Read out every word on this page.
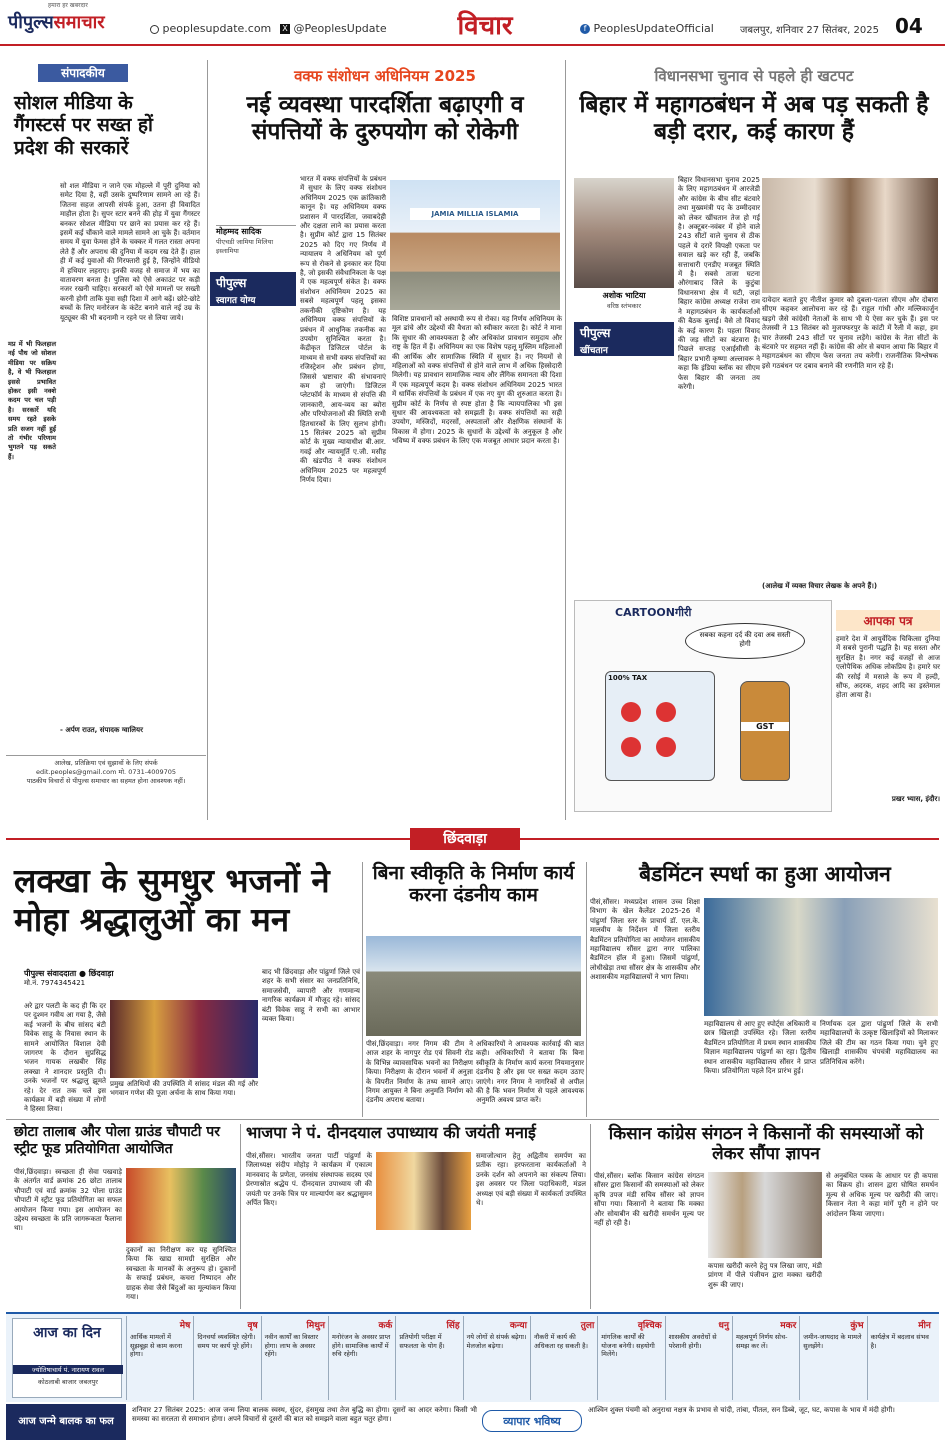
पीपुल्ससमाचार
हमारा हर खबरदार
peoplesupdate.com	X @PeoplesUpdate	विचार	f PeoplesUpdateOfficial	जबलपुर, शनिवार 27 सितंबर, 2025 04
संपादकीय
सोशल मीडिया के गैंगस्टर्स पर सख्त हों प्रदेश की सरकारें
सो शल मीडिया न जाने एक मोहल्ले में पूरी दुनिया को समेट दिया है, वहीं उसके दुष्परिणाम सामने आ रहे हैं। जितना सहज आपसी संपर्क हुआ, उतना ही विवादित माहौल होता है। सुपर स्टार बनने की होड़ में युवा गैंगस्टर बनकर सोशल मीडिया पर छाने का प्रयास कर रहे हैं। इसमें कई चौंकाने वाले मामले सामने आ चुके हैं। वर्तमान समय में युवा फेमस होने के चक्कर में गलत रास्ता अपना लेते हैं और अपराध की दुनिया में कदम रख देते हैं। हाल ही में कई युवाओं की गिरफ्तारी हुई है, जिन्होंने वीडियो में हथियार लहराए। इनकी वजह से समाज में भय का वातावरण बनता है। पुलिस को ऐसे अकाउंट पर कड़ी नजर रखनी चाहिए। सरकारों को ऐसे मामलों पर सख्ती करनी होगी ताकि युवा सही दिशा में आगे बढ़ें। छोटे-छोटे बच्चों के लिए मनोरंजन के कंटेंट बनाने वाले नई उम्र के यूट्यूबर की भी बदनामी न रहने पर से लिया जाये।
मप्र में भी फिलहाल नई पौध जो सोशल मीडिया पर सक्रिय है, वे भी फिलहाल इससे प्रभावित होकर इसी नक्शे कदम पर चल पड़ी है। सरकारें यदि समय रहते इसके प्रति सजग नहीं हुईं तो गंभीर परिणाम भुगतने पड़ सकते हैं।
- अर्पण राउत, संपादक ग्वालियर
आलेख, प्रतिक्रिया एवं सुझावों के लिए संपर्क
edit.peoples@gmail.com मो. 0731-4009705
पाठकीय विचारों से पीपुल्स समाचार का सहमत होना आवश्यक नहीं।
वक्फ संशोधन अधिनियम 2025
नई व्यवस्था पारदर्शिता बढ़ाएगी व संपत्तियों के दुरुपयोग को रोकेगी
मोहम्मद सादिक
पीएचडी जामिया मिलिया इस्लामिया
पीपुल्स
स्वागत योग्य
JAMIA MILLIA ISLAMIA
भारत में वक्फ संपत्तियों के प्रबंधन में सुधार के लिए वक्फ संशोधन अधिनियम 2025 एक क्रांतिकारी कानून है। यह अधिनियम वक्फ प्रशासन में पारदर्शिता, जवाबदेही और दक्षता लाने का प्रयास करता है। सुप्रीम कोर्ट द्वारा 15 सितंबर 2025 को दिए गए निर्णय में न्यायालय ने अधिनियम को पूर्ण रूप से रोकने से इनकार कर दिया है, जो इसकी संवैधानिकता के पक्ष में एक महत्वपूर्ण संकेत है। वक्फ संशोधन अधिनियम 2025 का सबसे महत्वपूर्ण पहलू इसका तकनीकी दृष्टिकोण है। यह अधिनियम वक्फ संपत्तियों के प्रबंधन में आधुनिक तकनीक का उपयोग सुनिश्चित करता है। केंद्रीकृत डिजिटल पोर्टल के माध्यम से सभी वक्फ संपत्तियों का रजिस्ट्रेशन और प्रबंधन होगा, जिससे भ्रष्टाचार की संभावनाएं कम हो जाएंगी। डिजिटल प्लेटफॉर्म के माध्यम से संपत्ति की जानकारी, आय-व्यय का ब्योरा और परियोजनाओं की स्थिति सभी हितधारकों के लिए सुलभ होगी। 15 सितंबर 2025 को सुप्रीम कोर्ट के मुख्य न्यायाधीश बी.आर. गवई और न्यायमूर्ति ए.जी. मसीह की खंडपीठ ने वक्फ संशोधन अधिनियम 2025 पर महत्वपूर्ण निर्णय दिया।
विशिष्ट प्रावधानों को अस्थायी रूप से रोका। यह निर्णय अधिनियम के मूल ढांचे और उद्देश्यों की वैधता को स्वीकार करता है। कोर्ट ने माना कि सुधार की आवश्यकता है और अधिकांश प्रावधान समुदाय और राष्ट्र के हित में हैं। अधिनियम का एक विशेष पहलू मुस्लिम महिलाओं की आर्थिक और सामाजिक स्थिति में सुधार है। नए नियमों से महिलाओं को वक्फ संपत्तियों से होने वाले लाभ में अधिक हिस्सेदारी मिलेगी। यह प्रावधान सामाजिक न्याय और लैंगिक समानता की दिशा में एक महत्वपूर्ण कदम है। वक्फ संशोधन अधिनियम 2025 भारत में धार्मिक संपत्तियों के प्रबंधन में एक नए युग की शुरुआत करता है। सुप्रीम कोर्ट के निर्णय से स्पष्ट होता है कि न्यायपालिका भी इस सुधार की आवश्यकता को समझती है। वक्फ संपत्तियों का सही उपयोग, मस्जिदों, मदरसों, अस्पतालों और शैक्षणिक संस्थानों के विकास में होगा। 2025 के सुधारों के उद्देश्यों के अनुकूल है और भविष्य में वक्फ प्रबंधन के लिए एक मजबूत आधार प्रदान करता है।
विधानसभा चुनाव से पहले ही खटपट
बिहार में महागठबंधन में अब पड़ सकती है बड़ी दरार, कई कारण हैं
अशोक भाटिया
वरिष्ठ स्तंभकार
पीपुल्स
खींचतान
बिहार विधानसभा चुनाव 2025 के लिए महागठबंधन में आरजेडी और कांग्रेस के बीच सीट बंटवारे तथा मुख्यमंत्री पद के उम्मीदवार को लेकर खींचतान तेज हो गई है। अक्टूबर-नवंबर में होने वाले 243 सीटों वाले चुनाव से ठीक पहले ये दरारें विपक्षी एकता पर सवाल खड़े कर रही हैं, जबकि सत्ताधारी एनडीए मजबूत स्थिति में है। सबसे ताजा घटना औरंगाबाद जिले के कुटुंबा विधानसभा क्षेत्र में घटी, जहां बिहार कांग्रेस अध्यक्ष राजेश राम ने महागठबंधन के कार्यकर्ताओं की बैठक बुलाई। वैसे तो विवाद के कई कारण हैं। पहला विवाद की जड़ सीटों का बंटवारा है। पिछले सप्ताह एआईसीसी के बिहार प्रभारी कृष्णा अल्लावरू ने कहा कि इंडिया ब्लॉक का सीएम फेस बिहार की जनता तय करेगी।
दावेदार बताते हुए नीतीश कुमार को दुबला-पतला सीएम और दोबारा सीएम कहकर आलोचना कर रहे हैं। राहुल गांधी और मल्लिकार्जुन खड़गे जैसे कांग्रेसी नेताओं के साथ भी ये ऐसा कर चुके हैं। इस पर तेजस्वी ने 13 सितंबर को मुजफ्फरपुर के कांटी में रैली में कहा, हम चार तेजस्वी 243 सीटों पर चुनाव लड़ेंगे। कांग्रेस के नेता सीटों के बंटवारे पर सहमत नहीं हैं। कांग्रेस की ओर से बयान आया कि बिहार में महागठबंधन का सीएम फेस जनता तय करेगी। राजनीतिक विश्लेषक इसे गठबंधन पर दबाव बनाने की रणनीति मान रहे हैं।
(आलेख में व्यक्त विचार लेखक के अपने हैं।)
CARTOONगीरी
सबका कहना दर्द की दवा अब सस्ती होगी
100% TAX
GST
आपका पत्र
हमारे देश में आयुर्वेदिक चिकित्सा दुनिया में सबसे पुरानी पद्धति है। यह सस्ता और सुरक्षित है। नगर कई वजहों से आज एलोपैथिक अधिक लोकप्रिय है। हमारे घर की रसोई में मसाले के रूप में हल्दी, सौंफ, अदरक, शहद आदि का इस्तेमाल होता आया है।
प्रखर भ्यास, इंदौर।
छिंदवाड़ा
लक्खा के सुमधुर भजनों ने मोहा श्रद्धालुओं का मन
पीपुल्स संवाददाता ● छिंदवाड़ा
मो.नं. 7974345421
प्रमुख अतिथियों की उपस्थिति में सांसद मंडल की गई और भगवान गणेश की पूजा अर्चना के साथ किया गया।
अरे द्वार पलटी के कद ही कि दर पर दुश्मन गवीय आ गया है, जैसे कई भजनों के बीच सांसद बंटी विवेक साहू के निवास स्थान के सामने आयोजित विशाल देवी जागरण के दौरान सुप्रसिद्ध भजन गायक लखबीर सिंह लक्खा ने शानदार प्रस्तुति दी। उनके भजनों पर श्रद्धालु झूमते रहे। देर रात तक चले इस कार्यक्रम में बड़ी संख्या में लोगों ने हिस्सा लिया।
बाद भी छिंदवाड़ा और पांढुर्णा जिले एवं शहर के सभी संसार का जनप्रतिनिधि, समाजसेवी, व्यापारी और गणमान्य नागरिक कार्यक्रम में मौजूद रहे। सांसद बंटी विवेक साहू ने सभी का आभार व्यक्त किया।
बिना स्वीकृति के निर्माण कार्य करना दंडनीय काम
पीसं,छिंदवाड़ा। नगर निगम की टीम ने आज शहर के नागपुर रोड एवं सिवनी रोड के विभिन्न व्यावसायिक भवनों का निरीक्षण किया। निरीक्षण के दौरान भवनों में अनुज्ञा के विपरीत निर्माण के तथ्य सामने आए। निगम आयुक्त ने बिना अनुमति निर्माण को दंडनीय अपराध बताया।
अधिकारियों ने आवश्यक कार्रवाई की बात कही। अधिकारियों ने बताया कि बिना स्वीकृति के निर्माण कार्य करना नियमानुसार दंडनीय है और इस पर सख्त कदम उठाए जाएंगे। नगर निगम ने नागरिकों से अपील की है कि भवन निर्माण से पहले आवश्यक अनुमति अवश्य प्राप्त करें।
बैडमिंटन स्पर्धा का हुआ आयोजन
पीसं,सौंसर। मध्यप्रदेश शासन उच्च शिक्षा विभाग के खेल कैलेंडर 2025-26 में पांढुर्णा जिला स्तर के प्राचार्य डॉ. एल.के. मालवीय के निर्देशन में जिला स्तरीय बैडमिंटन प्रतियोगिता का आयोजन शासकीय महाविद्यालय सौंसर द्वारा नगर पालिका बैडमिंटन हॉल में हुआ। जिसमें पांढुर्णा, लोधीखेड़ा तथा सौंसर क्षेत्र के शासकीय और अशासकीय महाविद्यालयों ने भाग लिया।
महाविद्यालय से आए हुए स्पोर्ट्स अधिकारी व छात्र खिलाड़ी उपस्थित रहे। जिला स्तरीय बैडमिंटन प्रतियोगिता में प्रथम स्थान शासकीय विज्ञान महाविद्यालय पांढुर्णा का रहा। द्वितीय स्थान शासकीय महाविद्यालय सौंसर ने प्राप्त किया। प्रतियोगिता पहले दिन प्रारंभ हुई।
निर्णायक दल द्वारा पांढुर्णा जिले के सभी महाविद्यालयों के उत्कृष्ट खिलाड़ियों को मिलाकर जिले की टीम का गठन किया गया। चुने हुए खिलाड़ी शासकीय चंपचंत्री महाविद्यालय का प्रतिनिधित्व करेंगे।
छोटा तालाब और पोला ग्राउंड चौपाटी पर स्ट्रीट फूड प्रतियोगिता आयोजित
पीसं,छिंदवाड़ा। स्वच्छता ही सेवा पखवाड़े के अंतर्गत वार्ड क्रमांक 26 छोटा तालाब चौपाटी एवं वार्ड क्रमांक 32 पोला ग्राउंड चौपाटी में स्ट्रीट फूड प्रतियोगिता का सफल आयोजन किया गया। इस आयोजन का उद्देश्य स्वच्छता के प्रति जागरूकता फैलाना था।
दुकानों का निरीक्षण कर यह सुनिश्चित किया कि खाद्य सामग्री सुरक्षित और स्वच्छता के मानकों के अनुरूप हो। दुकानों के सफाई प्रबंधन, कचरा निष्पादन और ग्राहक सेवा जैसे बिंदुओं का मूल्यांकन किया गया।
भाजपा ने पं. दीनदयाल उपाध्याय की जयंती मनाई
पीसं,सौंसर। भारतीय जनता पार्टी पांढुर्णा के जिलाध्यक्ष संदीप मोहोड़ ने कार्यक्रम में एकात्म मानववाद के प्रणेता, जनसंघ संस्थापक सदस्य एवं प्रेरणास्रोत श्रद्धेय पं. दीनदयाल उपाध्याय जी की जयंती पर उनके चित्र पर माल्यार्पण कर श्रद्धासुमन अर्पित किए।
समाजोत्थान हेतु अद्वितीय समर्पण का प्रतीक रहा। हरफरताना कार्यकर्ताओं ने उनके दर्शन को अपनाने का संकल्प लिया। इस अवसर पर जिला पदाधिकारी, मंडल अध्यक्ष एवं बड़ी संख्या में कार्यकर्ता उपस्थित थे।
किसान कांग्रेस संगठन ने किसानों की समस्याओं को लेकर सौंपा ज्ञापन
पीसं,सौंसर। ब्लॉक किसान कांग्रेस संगठन सौंसर द्वारा किसानों की समस्याओं को लेकर कृषि उपज मंडी सचिव सौंसर को ज्ञापन सौंपा गया। किसानों ने बताया कि मक्का और सोयाबीन की खरीदी समर्थन मूल्य पर नहीं हो रही है।
कपास खरीदी करने हेतु पत्र लिखा जाए, मंडी प्रांगण में पीले पंजीयन द्वारा मक्का खरीदी शुरू की जाए।
से अनुबंधित पत्रक के आधार पर ही कपास का विक्रय हो। शासन द्वारा घोषित समर्थन मूल्य से अधिक मूल्य पर खरीदी की जाए। किसान नेता ने कहा मांगें पूरी न होने पर आंदोलन किया जाएगा।
आज का दिन
ज्योतिषाचार्य पं. नारायण रावल
कोठलाबी बाजार जबलपुर
मेष
आर्थिक मामलों में सूझबूझ से काम करना होगा।
वृष
दिनचर्या व्यवस्थित रहेगी। समय पर कार्य पूरे होंगे।
मिथुन
नवीन कार्यों का विस्तार होगा। लाभ के अवसर रहेंगे।
कर्क
मनोरंजन के अवसर प्राप्त होंगे। सामाजिक कार्यों में रुचि रहेगी।
सिंह
प्रतियोगी परीक्षा में सफलता के योग हैं।
कन्या
नये लोगों से संपर्क बढ़ेगा। मेलजोल बढ़ेगा।
तुला
नौकरी में कार्य की अधिकता रह सकती है।
वृश्चिक
मांगलिक कार्यों की योजना बनेगी। सहयोगी मिलेंगे।
धनु
शासकीय अवरोधों से परेशानी होगी।
मकर
महत्वपूर्ण निर्णय सोच-समझ कर लें।
कुंभ
जमीन-जायदाद के मामले सुलझेंगे।
मीन
कार्यक्षेत्र में बदलाव संभव है।
आज जन्मे बालक का फल
शनिवार 27 सितंबर 2025: आज जन्म लिया बालक स्वस्थ, सुंदर, हंसमुख तथा तेज बुद्धि का होगा। दूसरों का आदर करेगा। किसी भी समस्या का सरलता से समाधान होगा। अपने विचारों से दूसरों की बात को समझने वाला बहुत चतुर होगा।	व्यापार भविष्य
आश्विन शुक्ल पंचमी को अनुराधा नक्षत्र के प्रभाव से चांदी, तांबा, पीतल, सन डिब्बे, जूट, घट, कपास के भाव में मंदी होगी।
